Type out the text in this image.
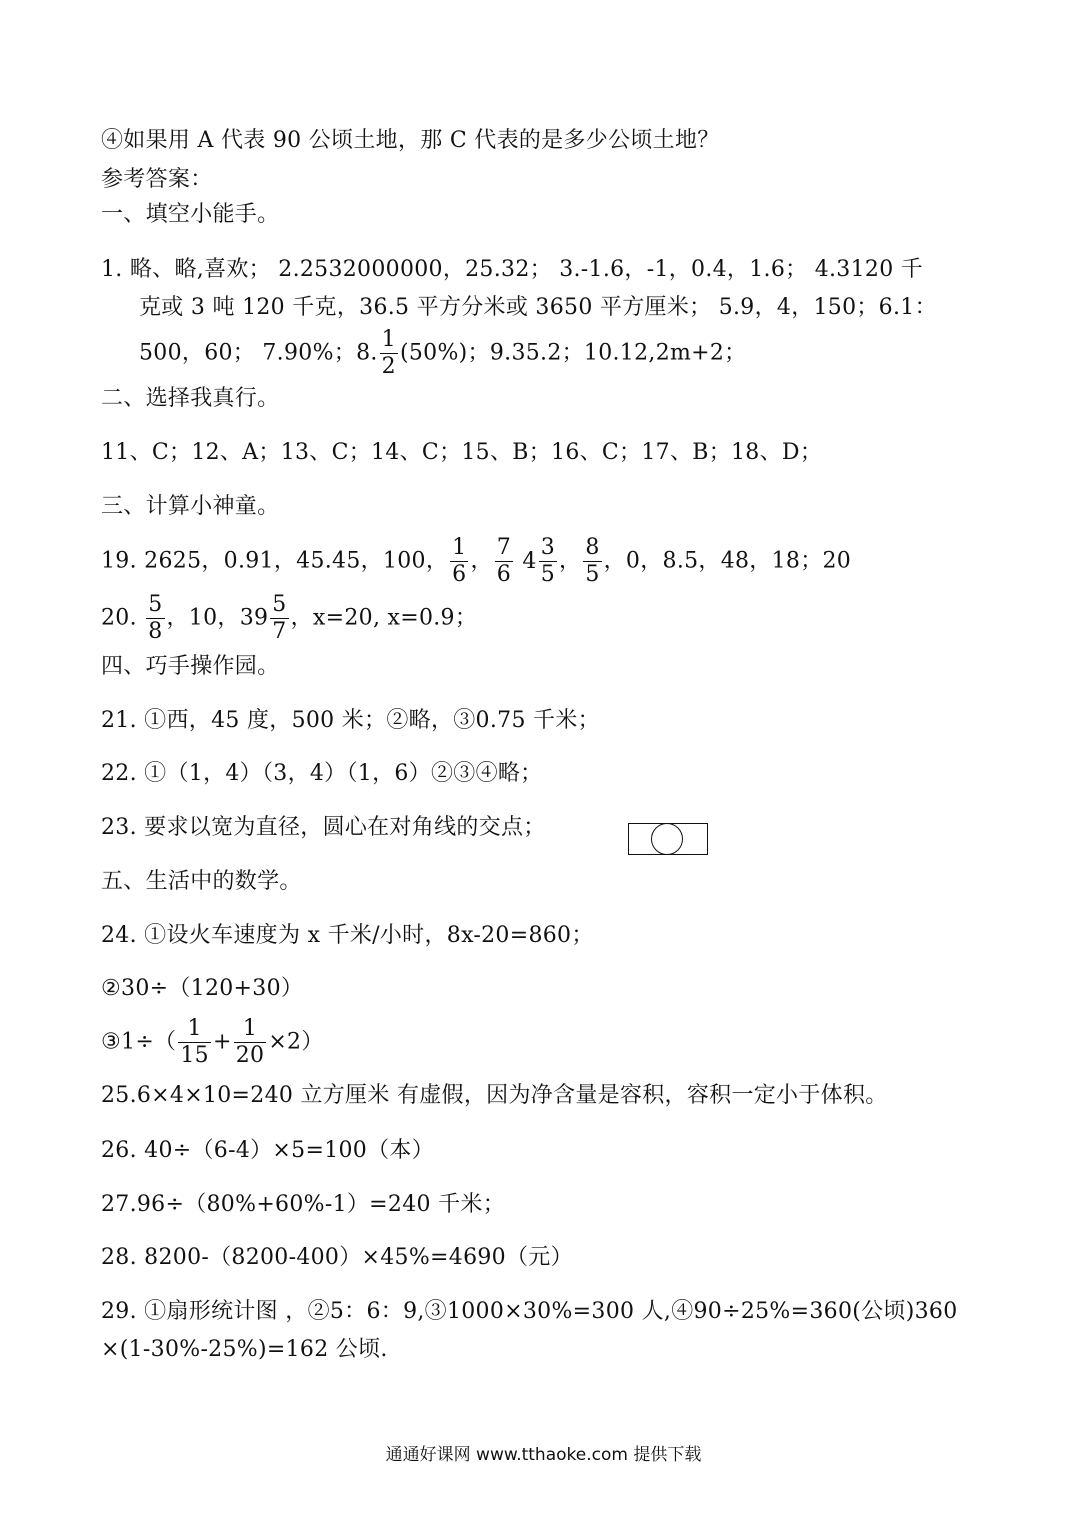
④如果用 A 代表 90 公顷土地，那 C 代表的是多少公顷土地？
参考答案：
一、填空小能手。
1. 略、略,喜欢； 2.2532000000，25.32； 3.-1.6，-1，0.4，1.6； 4.3120 千
克或 3 吨 120 千克，36.5 平方分米或 3650 平方厘米； 5.9，4，150；6.1：
500，60； 7.90%；8. $\frac{1}{2} (50\%)$；9.35.2；10.12,2m+2；
二、选择我真行。
11、C；12、A；13、C；14、C；15、B；16、C；17、B；18、D；
三、计算小神童。
19. 2625，0.91，45.45，100， $\frac{1}{6}$ ， $\frac{7}{6} 4 \frac{3}{5}$ ， $\frac{8}{5}$ ，0，8.5，48，18；20
20. $\frac{5}{8}$ ，10，$39 \frac{5}{7}$ ，x=20, x=0.9；
四、巧手操作园。
21. ①西，45 度，500 米；②略，③0.75 千米；
22. ①（1，4）（3，4）（1，6）②③④略；
23. 要求以宽为直径，圆心在对角线的交点；
五、生活中的数学。
24. ①设火车速度为 x 千米/小时，8x-20=860；
②30÷（120+30）
③1÷（ $\frac{1}{15} + \frac{1}{20} \times 2$）
25.6×4×10=240 立方厘米 有虚假，因为净含量是容积，容积一定小于体积。
26. 40÷（6-4）×5=100（本）
27.96÷（80%+60%-1）=240 千米；
28. 8200-（8200-400）×45%=4690（元）
29. ①扇形统计图 ，②5：6：9,③1000×30%=300 人,④90÷25%=360(公顷)360
×(1-30%-25%)=162 公顷.
通通好课网 www.tthaoke.com 提供下载
